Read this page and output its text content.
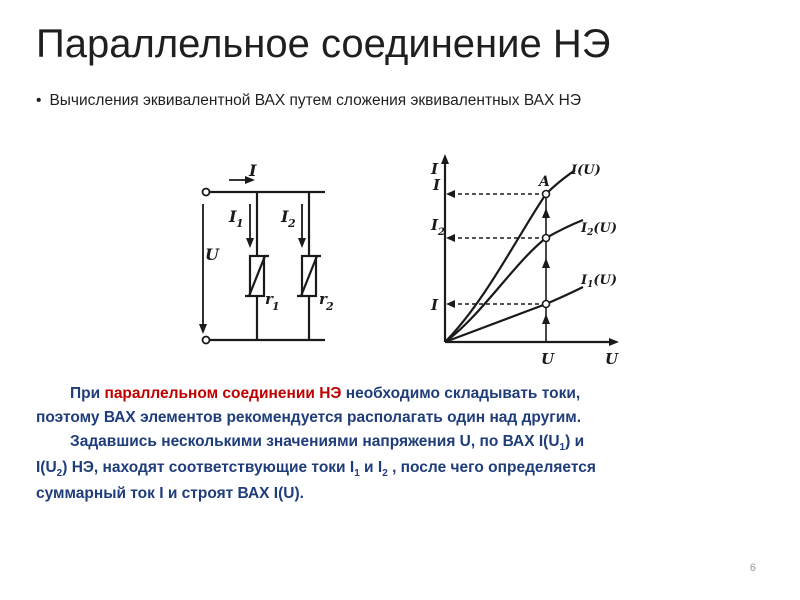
Параллельное соединение НЭ
• Вычисления эквивалентной ВАХ путем сложения эквивалентных ВАХ НЭ
I
I 1 I 2
U
r 1	r 2
I
U
U
I
I 2
I
A
I(U)
$I_2(U)$
$I_1(U)$
При параллельном соединении НЭ необходимо складывать токи,
поэтому ВАХ элементов рекомендуется располагать один над другим.
Задавшись несколькими значениями напряжения U, по ВАХ $I(U_1)$ и
$I(U_2)$ НЭ, находят соответствующие токи $I_1$ и $I_2$ , после чего определяется
суммарный ток I и строят ВАХ I(U).
6
